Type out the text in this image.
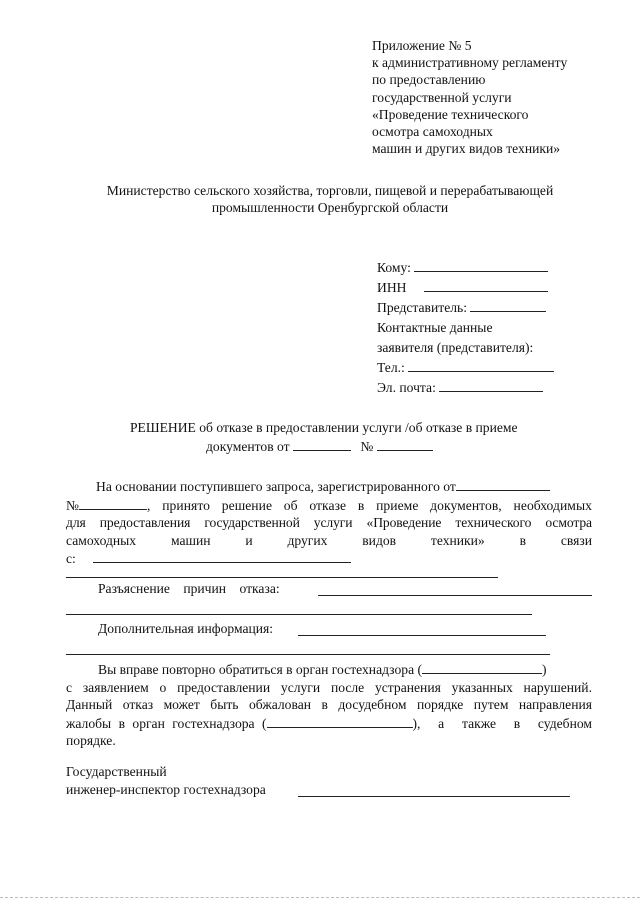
Приложение № 5
к административному регламенту
по предоставлению
государственной услуги
«Проведение технического
осмотра самоходных
машин и других видов техники»
Министерство сельского хозяйства, торговли, пищевой и перерабатывающей
промышленности Оренбургской области
Кому:
ИНН
Представитель:
Контактные данные
заявителя (представителя):
Тел.:
Эл. почта:
РЕШЕНИЕ об отказе в предоставлении услуги /об отказе в приеме
документов от	№
На основании поступившего запроса, зарегистрированного от
№	, принято решение об отказе в приеме документов, необходимых
для предоставления государственной услуги «Проведение технического осмотра
самоходных	машин	и	других	видов	техники»	в	связи
с:
Разъяснение причин отказа:
Дополнительная информация:
Вы вправе повторно обратиться в орган гостехнадзора (	)
с заявлением о предоставлении услуги после устранения указанных нарушений.
Данный отказ может быть обжалован в досудебном порядке путем направления
жалобы в орган гостехнадзора (	), а также в судебном
порядке.
Государственный
инженер-инспектор гостехнадзора
